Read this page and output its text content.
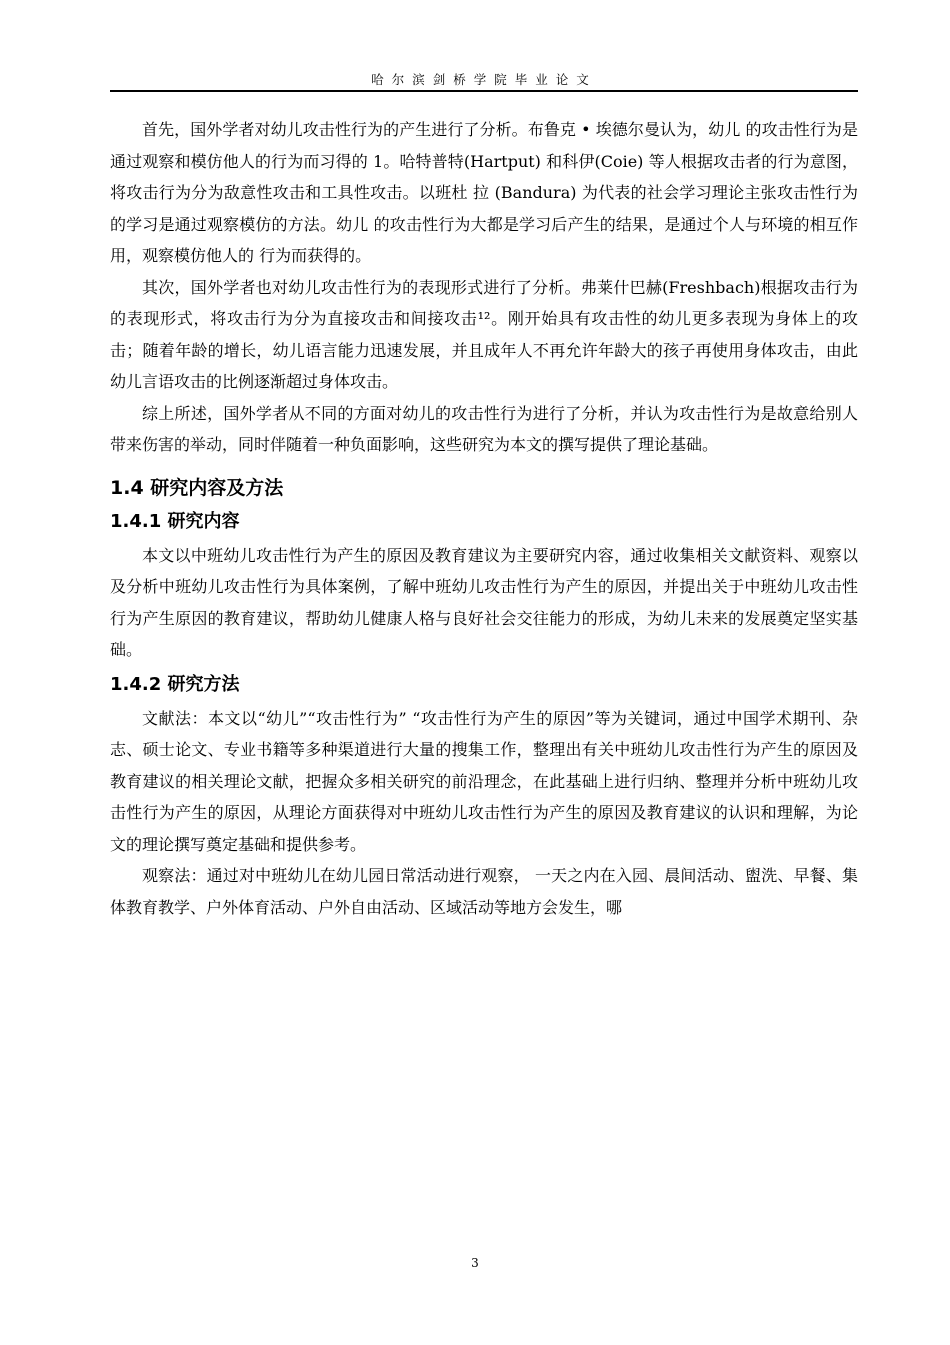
哈尔滨剑桥学院毕业论文

首先，国外学者对幼儿攻击性行为的产生进行了分析。布鲁克 • 埃德尔曼认为，幼儿 的攻击性行为是通过观察和模仿他人的行为而习得的 1。哈特普特(Hartput) 和科伊(Coie) 等人根据攻击者的行为意图，将攻击行为分为敌意性攻击和工具性攻击。以班杜 拉 (Bandura) 为代表的社会学习理论主张攻击性行为的学习是通过观察模仿的方法。幼儿 的攻击性行为大都是学习后产生的结果，是通过个人与环境的相互作用，观察模仿他人的 行为而获得的。

其次，国外学者也对幼儿攻击性行为的表现形式进行了分析。弗莱什巴赫(Freshbach)根据攻击行为的表现形式，将攻击行为分为直接攻击和间接攻击¹²。刚开始具有攻击性的幼儿更多表现为身体上的攻击；随着年龄的增长，幼儿语言能力迅速发展，并且成年人不再允许年龄大的孩子再使用身体攻击，由此幼儿言语攻击的比例逐渐超过身体攻击。

综上所述，国外学者从不同的方面对幼儿的攻击性行为进行了分析，并认为攻击性行为是故意给别人带来伤害的举动，同时伴随着一种负面影响，这些研究为本文的撰写提供了理论基础。

1.4 研究内容及方法
1.4.1 研究内容

本文以中班幼儿攻击性行为产生的原因及教育建议为主要研究内容，通过收集相关文献资料、观察以及分析中班幼儿攻击性行为具体案例，了解中班幼儿攻击性行为产生的原因，并提出关于中班幼儿攻击性行为产生原因的教育建议，帮助幼儿健康人格与良好社会交往能力的形成，为幼儿未来的发展奠定坚实基础。

1.4.2 研究方法

文献法：本文以“幼儿”“攻击性行为” “攻击性行为产生的原因”等为关键词，通过中国学术期刊、杂志、硕士论文、专业书籍等多种渠道进行大量的搜集工作，整理出有关中班幼儿攻击性行为产生的原因及教育建议的相关理论文献，把握众多相关研究的前沿理念，在此基础上进行归纳、整理并分析中班幼儿攻击性行为产生的原因，从理论方面获得对中班幼儿攻击性行为产生的原因及教育建议的认识和理解，为论文的理论撰写奠定基础和提供参考。

观察法：通过对中班幼儿在幼儿园日常活动进行观察， 一天之内在入园、晨间活动、盥洗、早餐、集体教育教学、户外体育活动、户外自由活动、区域活动等地方会发生，哪

3
